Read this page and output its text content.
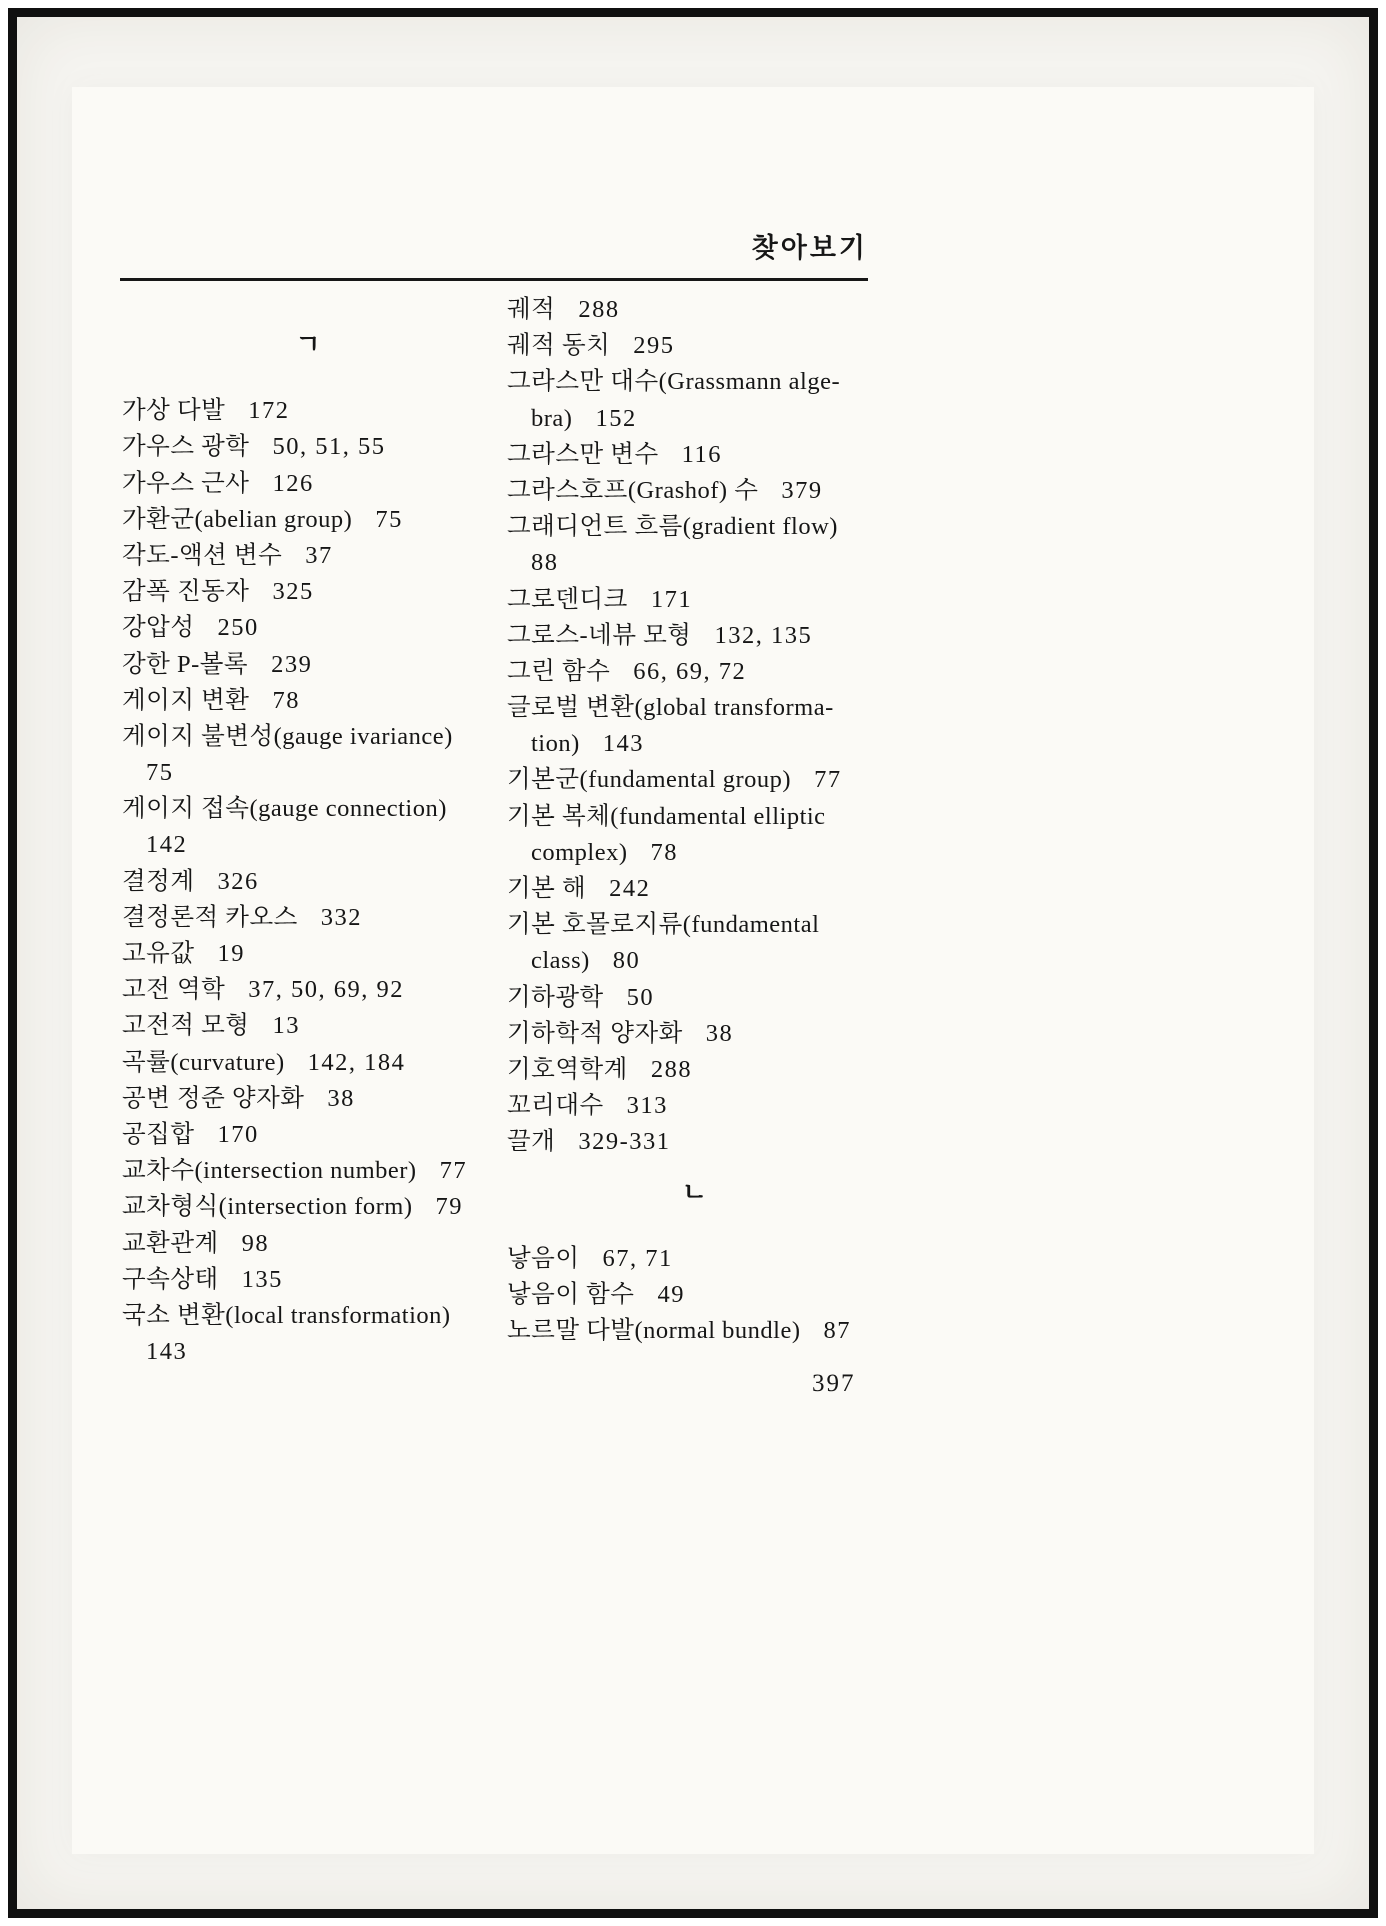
찾아보기
ㄱ
가상 다발 172
가우스 광학 50, 51, 55
가우스 근사 126
가환군(abelian group) 75
각도-액션 변수 37
감폭 진동자 325
강압성 250
강한 P-볼록 239
게이지 변환 78
게이지 불변성(gauge ivariance)
75
게이지 접속(gauge connection)
142
결정계 326
결정론적 카오스 332
고유값 19
고전 역학 37, 50, 69, 92
고전적 모형 13
곡률(curvature) 142, 184
공변 정준 양자화 38
공집합 170
교차수(intersection number) 77
교차형식(intersection form) 79
교환관계 98
구속상태 135
국소 변환(local transformation)
143
궤적 288
궤적 동치 295
그라스만 대수(Grassmann alge-
bra) 152
그라스만 변수 116
그라스호프(Grashof) 수 379
그래디언트 흐름(gradient flow)
88
그로덴디크 171
그로스-네뷰 모형 132, 135
그린 함수 66, 69, 72
글로벌 변환(global transforma-
tion) 143
기본군(fundamental group) 77
기본 복체(fundamental elliptic
complex) 78
기본 해 242
기본 호몰로지류(fundamental
class) 80
기하광학 50
기하학적 양자화 38
기호역학계 288
꼬리대수 313
끌개 329-331
ㄴ
낳음이 67, 71
낳음이 함수 49
노르말 다발(normal bundle) 87
397
